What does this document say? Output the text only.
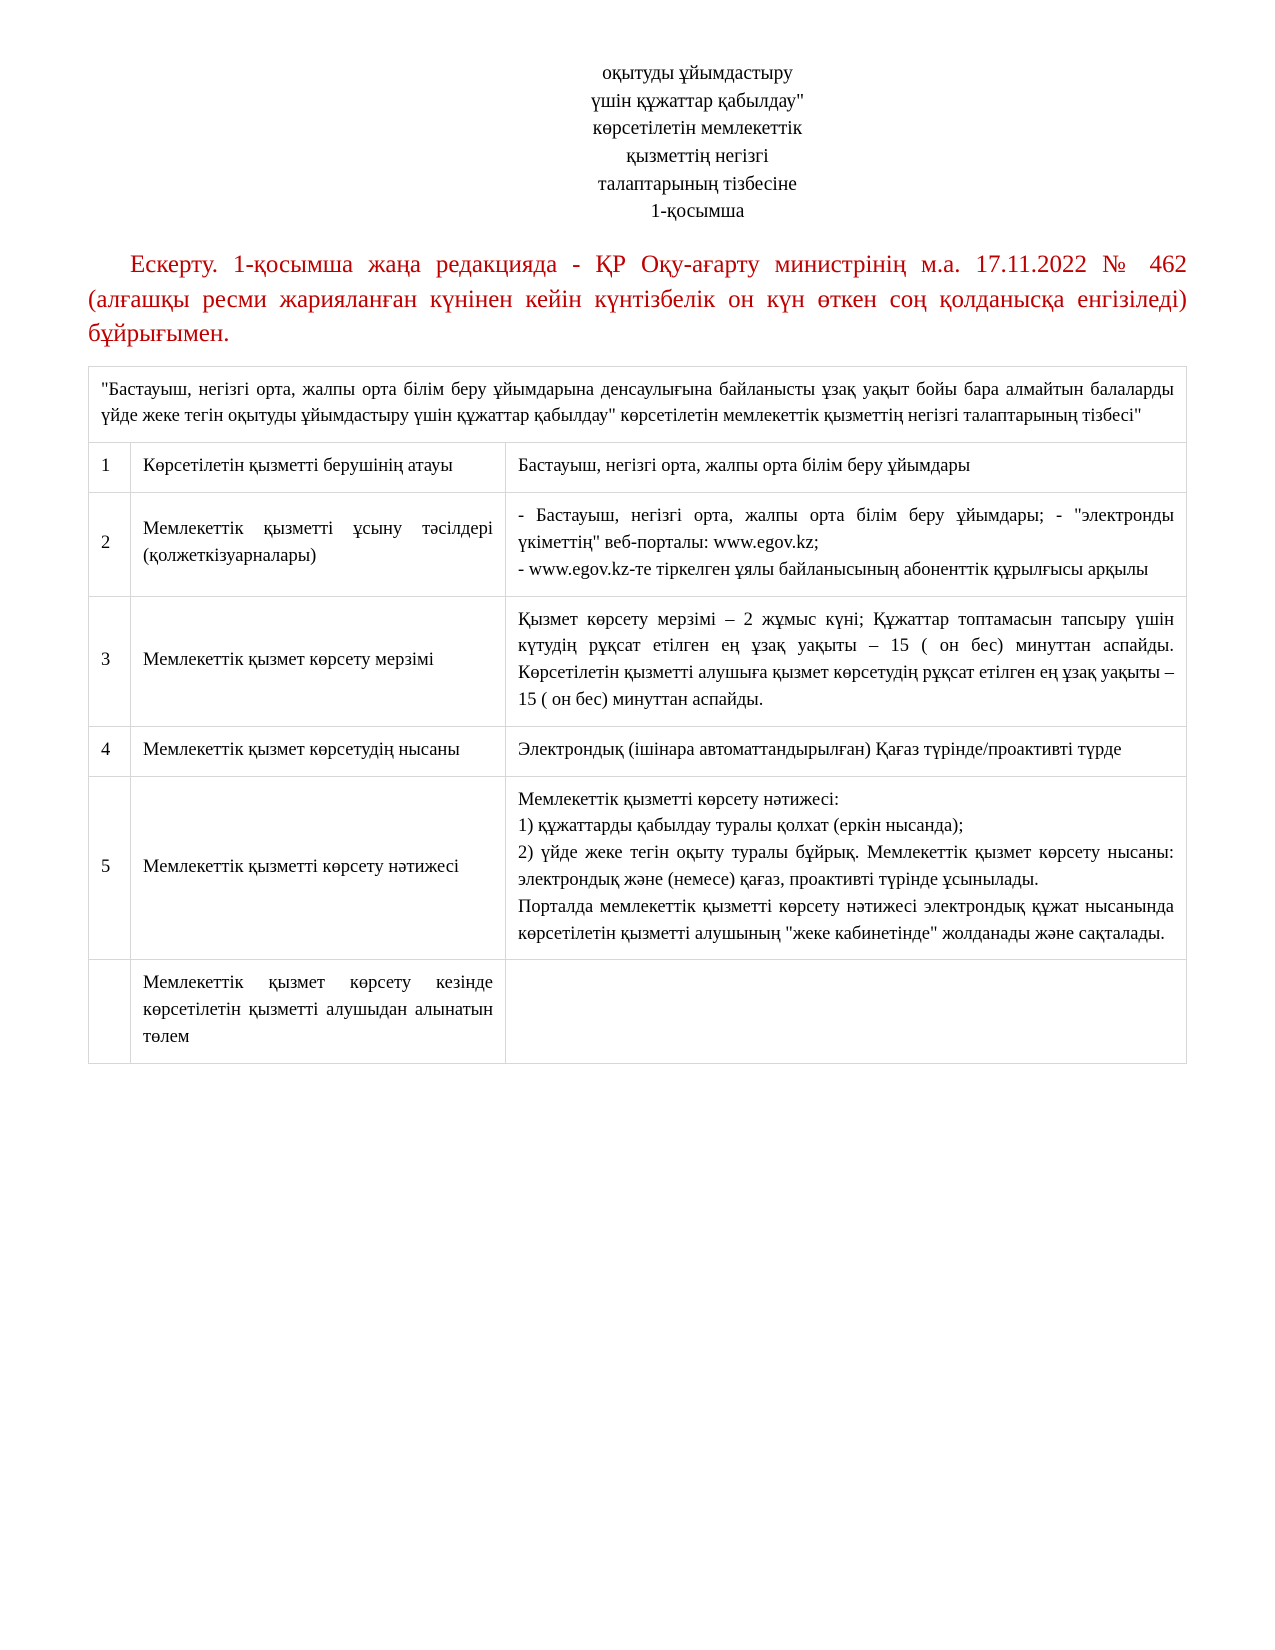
оқытуды ұйымдастыру
үшін құжаттар қабылдау"
көрсетілетін мемлекеттік
қызметтің негізгі
талаптарының тізбесіне
1-қосымша
Ескерту. 1-қосымша жаңа редакцияда - ҚР Оқу-ағарту министрінің м.а. 17.11.2022 № 462 (алғашқы ресми жарияланған күнінен кейін күнтізбелік он күн өткен соң қолданысқа енгізіледі) бұйрығымен.
"Бастауыш, негізгі орта, жалпы орта білім беру ұйымдарына денсаулығына байланысты ұзақ уақыт бойы бара алмайтын балаларды үйде жеке тегін оқытуды ұйымдастыру үшін құжаттар қабылдау" көрсетілетін мемлекеттік қызметтің негізгі талаптарының тізбесі"		
1	Көрсетілетін қызметті берушінің атауы	Бастауыш, негізгі орта, жалпы орта білім беру ұйымдары
2	Мемлекеттік қызметті ұсыну тәсілдері (қолжеткізуарналары)	- Бастауыш, негізгі орта, жалпы орта білім беру ұйымдары; - "электронды үкіметтің" веб-порталы: www.egov.kz;

- www.egov.kz-те тіркелген ұялы байланысының абоненттік құрылғысы арқылы

3	Мемлекеттік қызмет көрсету мерзімі	Қызмет көрсету мерзімі – 2 жұмыс күні; Құжаттар топтамасын тапсыру үшін күтудің рұқсат етілген ең ұзақ уақыты – 15 ( он бес) минуттан аспайды. Көрсетілетін қызметті алушыға қызмет көрсетудің рұқсат етілген ең ұзақ уақыты – 15 ( он бес) минуттан аспайды.
4	Мемлекеттік қызмет көрсетудің нысаны	Электрондық (ішінара автоматтандырылған) Қағаз түрінде/проактивті түрде
5	Мемлекеттік қызметті көрсету нәтижесі	Мемлекеттік қызметті көрсету нәтижесі:

1) құжаттарды қабылдау туралы қолхат (еркін нысанда);

2) үйде жеке тегін оқыту туралы бұйрық. Мемлекеттік қызмет көрсету нысаны: электрондық және (немесе) қағаз, проактивті түрінде ұсынылады.

Порталда мемлекеттік қызметті көрсету нәтижесі электрондық құжат нысанында көрсетілетін қызметті алушының "жеке кабинетінде" жолданады және сақталады.

	Мемлекеттік қызмет көрсету кезінде көрсетілетін қызметті алушыдан алынатын төлем	
